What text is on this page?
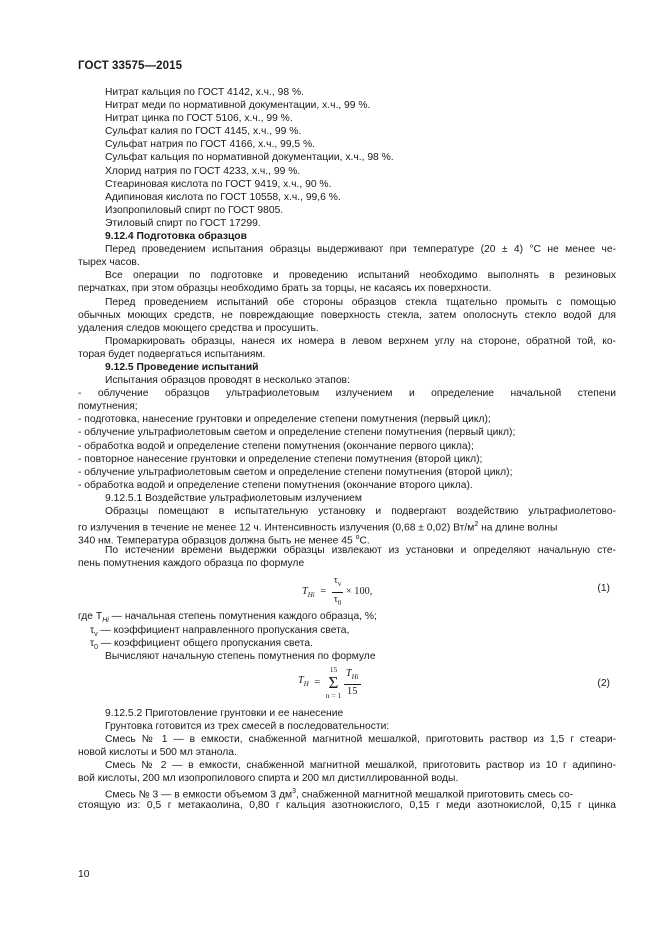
ГОСТ 33575—2015
Нитрат кальция по ГОСТ 4142, х.ч., 98 %.
Нитрат меди по нормативной документации, х.ч., 99 %.
Нитрат цинка по ГОСТ 5106, х.ч., 99 %.
Сульфат калия по ГОСТ 4145, х.ч., 99 %.
Сульфат натрия по ГОСТ 4166, х.ч., 99,5 %.
Сульфат кальция по нормативной документации, х.ч., 98 %.
Хлорид натрия по ГОСТ 4233, х.ч., 99 %.
Стеариновая кислота по ГОСТ 9419, х.ч., 90 %.
Адипиновая кислота по ГОСТ 10558, х.ч., 99,6 %.
Изопропиловый спирт по ГОСТ 9805.
Этиловый спирт по ГОСТ 17299.
9.12.4 Подготовка образцов
Перед проведением испытания образцы выдерживают при температуре (20 ± 4) °С не менее че-
тырех часов.
Все операции по подготовке и проведению испытаний необходимо выполнять в резиновых
перчатках, при этом образцы необходимо брать за торцы, не касаясь их поверхности.
Перед проведением испытаний обе стороны образцов стекла тщательно промыть с помощью
обычных моющих средств, не повреждающие поверхность стекла, затем ополоснуть стекло водой для
удаления следов моющего средства и просушить.
Промаркировать образцы, нанеся их номера в левом верхнем углу на стороне, обратной той, ко-
торая будет подвергаться испытаниям.
9.12.5 Проведение испытаний
Испытания образцов проводят в несколько этапов:
- облучение образцов ультрафиолетовым излучением и определение начальной степени
помутнения;
- подготовка, нанесение грунтовки и определение степени помутнения (первый цикл);
- облучение ультрафиолетовым светом и определение степени помутнения (первый цикл);
- обработка водой и определение степени помутнения (окончание первого цикла);
- повторное нанесение грунтовки и определение степени помутнения (второй цикл);
- облучение ультрафиолетовым светом и определение степени помутнения (второй цикл);
- обработка водой и определение степени помутнения (окончание второго цикла).
9.12.5.1 Воздействие ультрафиолетовым излучением
Образцы помещают в испытательную установку и подвергают воздействию ультрафиолетово-
го излучения в течение не менее 12 ч. Интенсивность излучения (0,68 ± 0,02) $Вт/м^2$ на длине волны
340 нм. Температура образцов должна быть не менее 45 $^о$С.
По истечении времени выдержки образцы извлекают из установки и определяют начальную сте-
пень помутнения каждого образца по формуле
$T_{Hi} = \frac{\tau_v}{\tau_0} \times 100$,	(1)
где $T_{Hi}$ — начальная степень помутнения каждого образца, %;
$\tau_v$ — коэффициент направленного пропускания света,
$\tau_0$ — коэффициент общего пропускания света.
Вычисляют начальную степень помутнения по формуле
$T_H$ =
15
Σ
n = 1
$\frac{T_{Hi}}{15}$	(2)
9.12.5.2 Приготовление грунтовки и ее нанесение
Грунтовка готовится из трех смесей в последовательности:
Смесь № 1 — в емкости, снабженной магнитной мешалкой, приготовить раствор из 1,5 г стеари-
новой кислоты и 500 мл этанола.
Смесь № 2 — в емкости, снабженной магнитной мешалкой, приготовить раствор из 10 г адипино-
вой кислоты, 200 мл изопропилового спирта и 200 мл дистиллированной воды.
Смесь № 3 — в емкости объемом 3 $дм^3$, снабженной магнитной мешалкой приготовить смесь со-
стоящую из: 0,5 г метакаолина, 0,80 г кальция азотнокислого, 0,15 г меди азотнокислой, 0,15 г цинка
10
